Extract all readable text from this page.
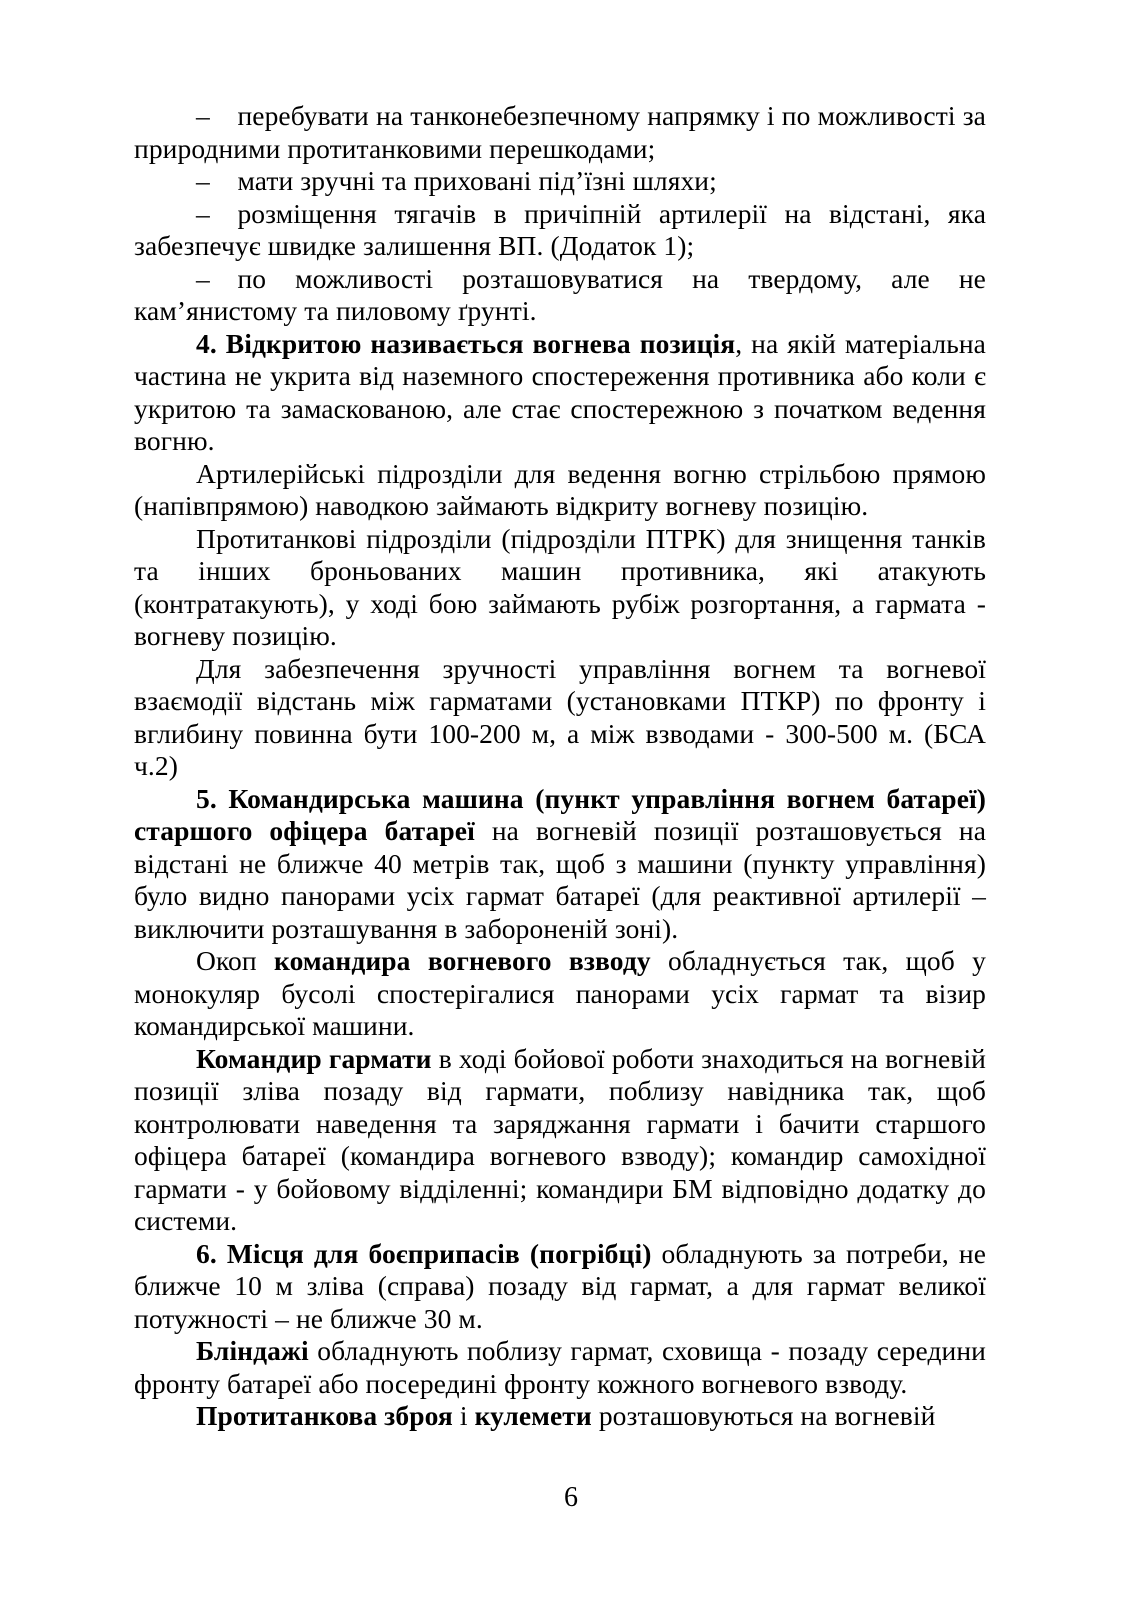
– перебувати на танконебезпечному напрямку і по можливості за природними протитанковими перешкодами;

– мати зручні та приховані під’їзні шляхи;

– розміщення тягачів в причіпній артилерії на відстані, яка забезпечує швидке залишення ВП. (Додаток 1);

– по можливості розташовуватися на твердому, але не кам’янистому та пиловому ґрунті.

4. Відкритою називається вогнева позиція, на якій матеріальна частина не укрита від наземного спостереження противника або коли є укритою та замаскованою, але стає спостережною з початком ведення вогню.

Артилерійські підрозділи для ведення вогню стрільбою прямою (напівпрямою) наводкою займають відкриту вогневу позицію.

Протитанкові підрозділи (підрозділи ПТРК) для знищення танків та інших броньованих машин противника, які атакують (контратакують), у ході бою займають рубіж розгортання, а гармата - вогневу позицію.

Для забезпечення зручності управління вогнем та вогневої взаємодії відстань між гарматами (установками ПТКР) по фронту і вглибину повинна бути 100-200 м, а між взводами - 300-500 м. (БСА ч.2)

5. Командирська машина (пункт управління вогнем батареї) старшого офіцера батареї на вогневій позиції розташовується на відстані не ближче 40 метрів так, щоб з машини (пункту управління) було видно панорами усіх гармат батареї (для реактивної артилерії – виключити розташування в забороненій зоні).

Окоп командира вогневого взводу обладнується так, щоб у монокуляр бусолі спостерігалися панорами усіх гармат та візир командирської машини.

Командир гармати в ході бойової роботи знаходиться на вогневій позиції зліва позаду від гармати, поблизу навідника так, щоб контролювати наведення та заряджання гармати і бачити старшого офіцера батареї (командира вогневого взводу); командир самохідної гармати - у бойовому відділенні; командири БМ відповідно додатку до системи.

6. Місця для боєприпасів (погрібці) обладнують за потреби, не ближче 10 м зліва (справа) позаду від гармат, а для гармат великої потужності – не ближче 30 м.

Бліндажі обладнують поблизу гармат, сховища - позаду середини фронту батареї або посередині фронту кожного вогневого взводу.

Протитанкова зброя і кулемети розташовуються на вогневій

6
